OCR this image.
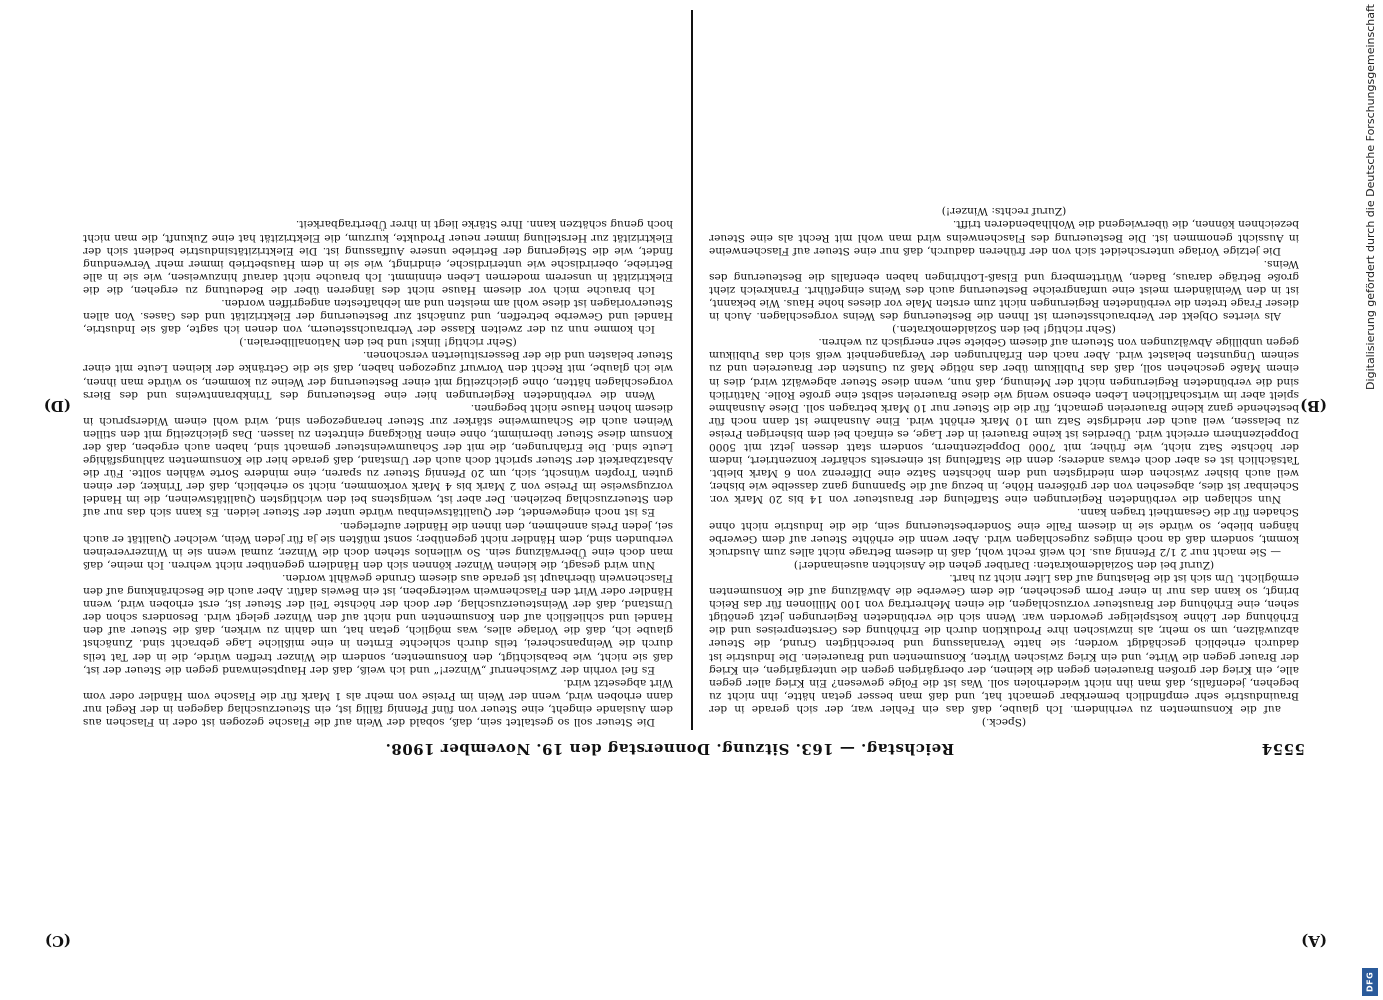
5554
Reichstag. — 163. Sitzung. Donnerstag den 19. November 1908.
(A)
(B)
(C)
(D)

(Speck.)

auf die Konsumenten zu verhindern. Ich glaube, daß das ein Fehler war, der sich gerade in der Brauindustrie sehr empfindlich bemerkbar gemacht hat, und daß man besser getan hätte, ihn nicht zu begehen, jedenfalls, daß man ihn nicht wiederholen soll. Was ist die Folge gewesen? Ein Krieg aller gegen alle, ein Krieg der großen Brauereien gegen die kleinen, der obergärigen gegen die untergärigen, ein Krieg der Brauer gegen die Wirte, und ein Krieg zwischen Wirten, Konsumenten und Brauereien. Die Industrie ist dadurch erheblich geschädigt worden; sie hatte Veranlassung und berechtigten Grund, die Steuer abzuwälzen, um so mehr, als inzwischen ihre Produktion durch die Erhöhung des Gerstenpreises und die Erhöhung der Löhne kostspieliger geworden war. Wenn sich die verbündeten Regierungen jetzt genötigt sehen, eine Erhöhung der Brausteuer vorzuschlagen, die einen Mehrertrag von 100 Millionen für das Reich bringt, so kann das nur in einer Form geschehen, die dem Gewerbe die Abwälzung auf die Konsumenten ermöglicht. Um sich ist die Belastung auf das Liter nicht zu hart.

(Zuruf bei den Sozialdemokraten: Darüber gehen die Ansichten auseinander!)

— Sie macht nur 2 1/2 Pfennig aus. Ich weiß recht wohl, daß in diesem Betrage nicht alles zum Ausdruck kommt, sondern daß da noch einiges zugeschlagen wird. Aber wenn die erhöhte Steuer auf dem Gewerbe hängen bliebe, so würde sie in diesem Falle eine Sonderbesteuerung sein, die die Industrie nicht ohne Schaden für die Gesamtheit tragen kann.

Nun schlagen die verbündeten Regierungen eine Staffelung der Brausteuer von 14 bis 20 Mark vor. Scheinbar ist dies, abgesehen von der größeren Höhe, in bezug auf die Spannung ganz dasselbe wie bisher, weil auch bisher zwischen dem niedrigsten und dem höchsten Satze eine Differenz von 6 Mark bleibt. Tatsächlich ist es aber doch etwas anderes; denn die Staffelung ist einerseits schärfer konzentriert, indem der höchste Satz nicht, wie früher, mit 7000 Doppelzentnern, sondern statt dessen jetzt mit 5000 Doppelzentnern erreicht wird. Überdies ist keine Brauerei in der Lage, es einfach bei dem bisherigen Preise zu belassen, weil auch der niedrigste Satz um 10 Mark erhöht wird. Eine Ausnahme ist dann noch für bestehende ganz kleine Brauereien gemacht, für die die Steuer nur 10 Mark betragen soll. Diese Ausnahme spielt aber im wirtschaftlichen Leben ebenso wenig wie diese Brauereien selbst eine große Rolle. Natürlich sind die verbündeten Regierungen nicht der Meinung, daß nun, wenn diese Steuer abgewälzt wird, dies in einem Maße geschehen soll, daß das Publikum über das nötige Maß zu Gunsten der Brauereien und zu seinem Ungunsten belastet wird. Aber nach den Erfahrungen der Vergangenheit weiß sich das Publikum gegen unbillige Abwälzungen von Steuern auf diesem Gebiete sehr energisch zu wehren.

(Sehr richtig! bei den Sozialdemokraten.)

Als viertes Objekt der Verbrauchssteuern ist Ihnen die Besteuerung des Weins vorgeschlagen. Auch in dieser Frage treten die verbündeten Regierungen nicht zum ersten Male vor dieses hohe Haus. Wie bekannt, ist in den Weinländern meist eine umfangreiche Besteuerung auch des Weins eingeführt. Frankreich zieht große Beträge daraus, Baden, Württemberg und Elsaß-Lothringen haben ebenfalls die Besteuerung des Weins.

Die jetzige Vorlage unterscheidet sich von der früheren dadurch, daß nur eine Steuer auf Flaschenweine in Aussicht genommen ist. Die Besteuerung des Flaschenweins wird man wohl mit Recht als eine Steuer bezeichnen können, die überwiegend die Wohlhabenderen trifft.

(Zuruf rechts: Winzer!)

Die Steuer soll so gestaltet sein, daß, sobald der Wein auf die Flasche gezogen ist oder in Flaschen aus dem Auslande eingeht, eine Steuer von fünf Pfennig fällig ist, ein Steuerzuschlag dagegen in der Regel nur dann erhoben wird, wenn der Wein im Preise von mehr als 1 Mark für die Flasche vom Händler oder vom Wirt abgesetzt wird.

Es fiel vorhin der Zwischenruf „Winzer!“ und ich weiß, daß der Hauptseinwand gegen die Steuer der ist, daß sie nicht, wie beabsichtigt, den Konsumenten, sondern die Winzer treffen würde, die in der Tat teils durch die Weinpanscherei, teils durch schlechte Ernten in eine mißliche Lage gebracht sind. Zunächst glaube ich, daß die Vorlage alles, was möglich, getan hat, um dahin zu wirken, daß die Steuer auf den Handel und schließlich auf den Konsumenten und nicht auf den Winzer gelegt wird. Besonders schon der Umstand, daß der Weinsteuerzuschlag, der doch der höchste Teil der Steuer ist, erst erhoben wird, wenn Händler oder Wirt den Flaschenwein weitergeben, ist ein Beweis dafür. Aber auch die Beschränkung auf den Flaschenwein überhaupt ist gerade aus diesem Grunde gewählt worden.

Nun wird gesagt, die kleinen Winzer können sich den Händlern gegenüber nicht wehren. Ich meine, daß man doch eine Überwälzung sein. So willenlos stehen doch die Winzer, zumal wenn sie in Winzervereinen verbunden sind, dem Händler nicht gegenüber; sonst müßten sie ja für jeden Wein, welcher Qualität er auch sei, jeden Preis annehmen, den ihnen die Händler auferlegen.

Es ist noch eingewendet, der Qualitätsweinbau würde unter der Steuer leiden. Es kann sich das nur auf den Steuerzuschlag beziehen. Der aber ist, wenigstens bei den wichtigsten Qualitätsweinen, die im Handel vorzugsweise im Preise von 2 Mark bis 4 Mark vorkommen, nicht so erheblich, daß der Trinker, der einen guten Tropfen wünscht, sich, um 20 Pfennig Steuer zu sparen, eine mindere Sorte wählen sollte. Für die Absatzbarkeit der Steuer spricht doch auch der Umstand, daß gerade hier die Konsumenten zahlungsfähige Leute sind. Die Erfahrungen, die mit der Schaumweinsteuer gemacht sind, haben auch ergeben, daß der Konsum diese Steuer übernimmt, ohne einen Rückgang eintreten zu lassen. Das gleichzeitig mit den stillen Weinen auch die Schaumweine stärker zur Steuer herangezogen sind, wird wohl einem Widerspruch in diesem hohen Hause nicht begegnen.

Wenn die verbündeten Regierungen hier eine Besteuerung des Trinkbranntweins und des Biers vorgeschlagen hätten, ohne gleichzeitig mit einer Besteuerung der Weine zu kommen, so würde man ihnen, wie ich glaube, mit Recht den Vorwurf zugezogen haben, daß sie die Getränke der kleinen Leute mit einer Steuer belasten und die der Bessersituierten verschonen.

(Sehr richtig! links! und bei den Nationalliberalen.)

Ich komme nun zu der zweiten Klasse der Verbrauchssteuern, von denen ich sagte, daß sie Industrie, Handel und Gewerbe betreffen, und zunächst zur Besteuerung der Elektrizität und des Gases. Von allen Steuervorlagen ist diese wohl am meisten und am lebhaftesten angegriffen worden.

Ich brauche mich vor diesem Hause nicht des längeren über die Bedeutung zu ergehen, die die Elektrizität in unserem modernen Leben einnimmt. Ich brauche nicht darauf hinzuweisen, wie sie in alle Betriebe, oberirdische wie unterirdische, eindringt, wie sie in dem Hausbetrieb immer mehr Verwendung findet, wie die Steigerung der Betriebe unsere Auffassung ist. Die Elektrizitätsindustrie bedient sich der Elektrizität zur Herstellung immer neuer Produkte, kurzum, die Elektrizität hat eine Zukunft, die man nicht hoch genug schätzen kann. Ihre Stärke liegt in ihrer Übertragbarkeit.	Digitalisierung gefördert durch die Deutsche Forschungsgemeinschaft
DFG
